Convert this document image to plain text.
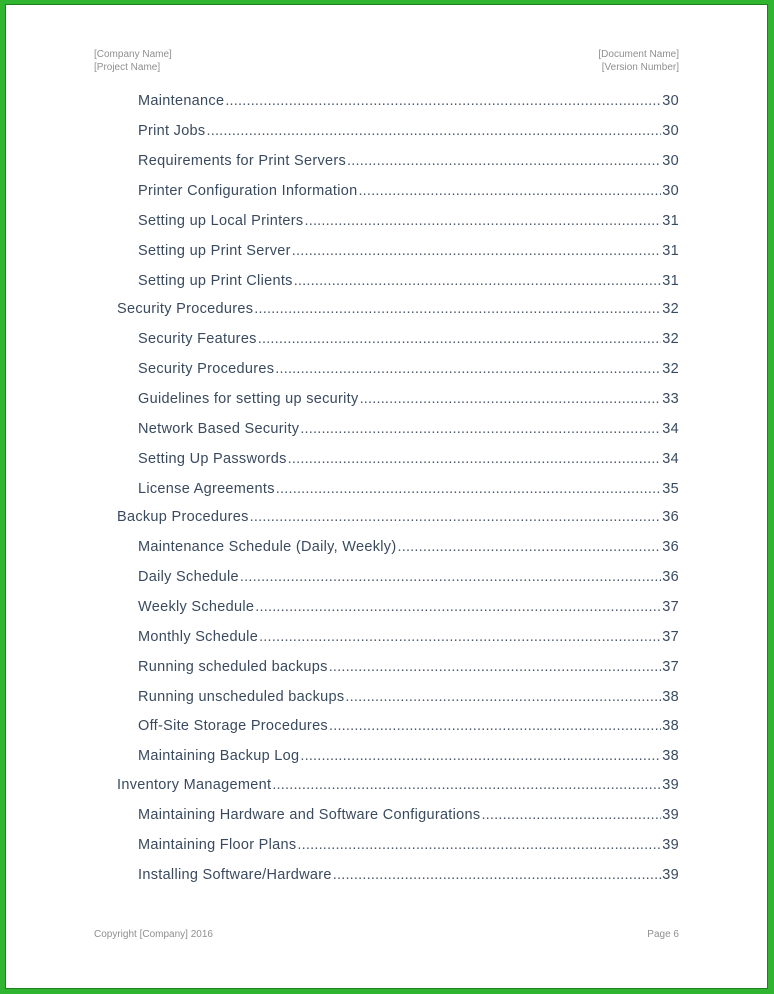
[Company Name]
[Project Name]
[Document Name]
[Version Number]
Maintenance .....	30
Print Jobs .....	30
Requirements for Print Servers .....	30
Printer Configuration Information .....	30
Setting up Local Printers .....	31
Setting up Print Server .....	31
Setting up Print Clients .....	31
Security Procedures .....	32
Security Features .....	32
Security Procedures .....	32
Guidelines for setting up security .....	33
Network Based Security .....	34
Setting Up Passwords .....	34
License Agreements .....	35
Backup Procedures .....	36
Maintenance Schedule (Daily, Weekly) .....	36
Daily Schedule .....	36
Weekly Schedule .....	37
Monthly Schedule .....	37
Running scheduled backups .....	37
Running unscheduled backups .....	38
Off-Site Storage Procedures .....	38
Maintaining Backup Log .....	38
Inventory Management .....	39
Maintaining Hardware and Software Configurations .....	39
Maintaining Floor Plans .....	39
Installing Software/Hardware .....	39
Copyright [Company] 2016	Page 6
